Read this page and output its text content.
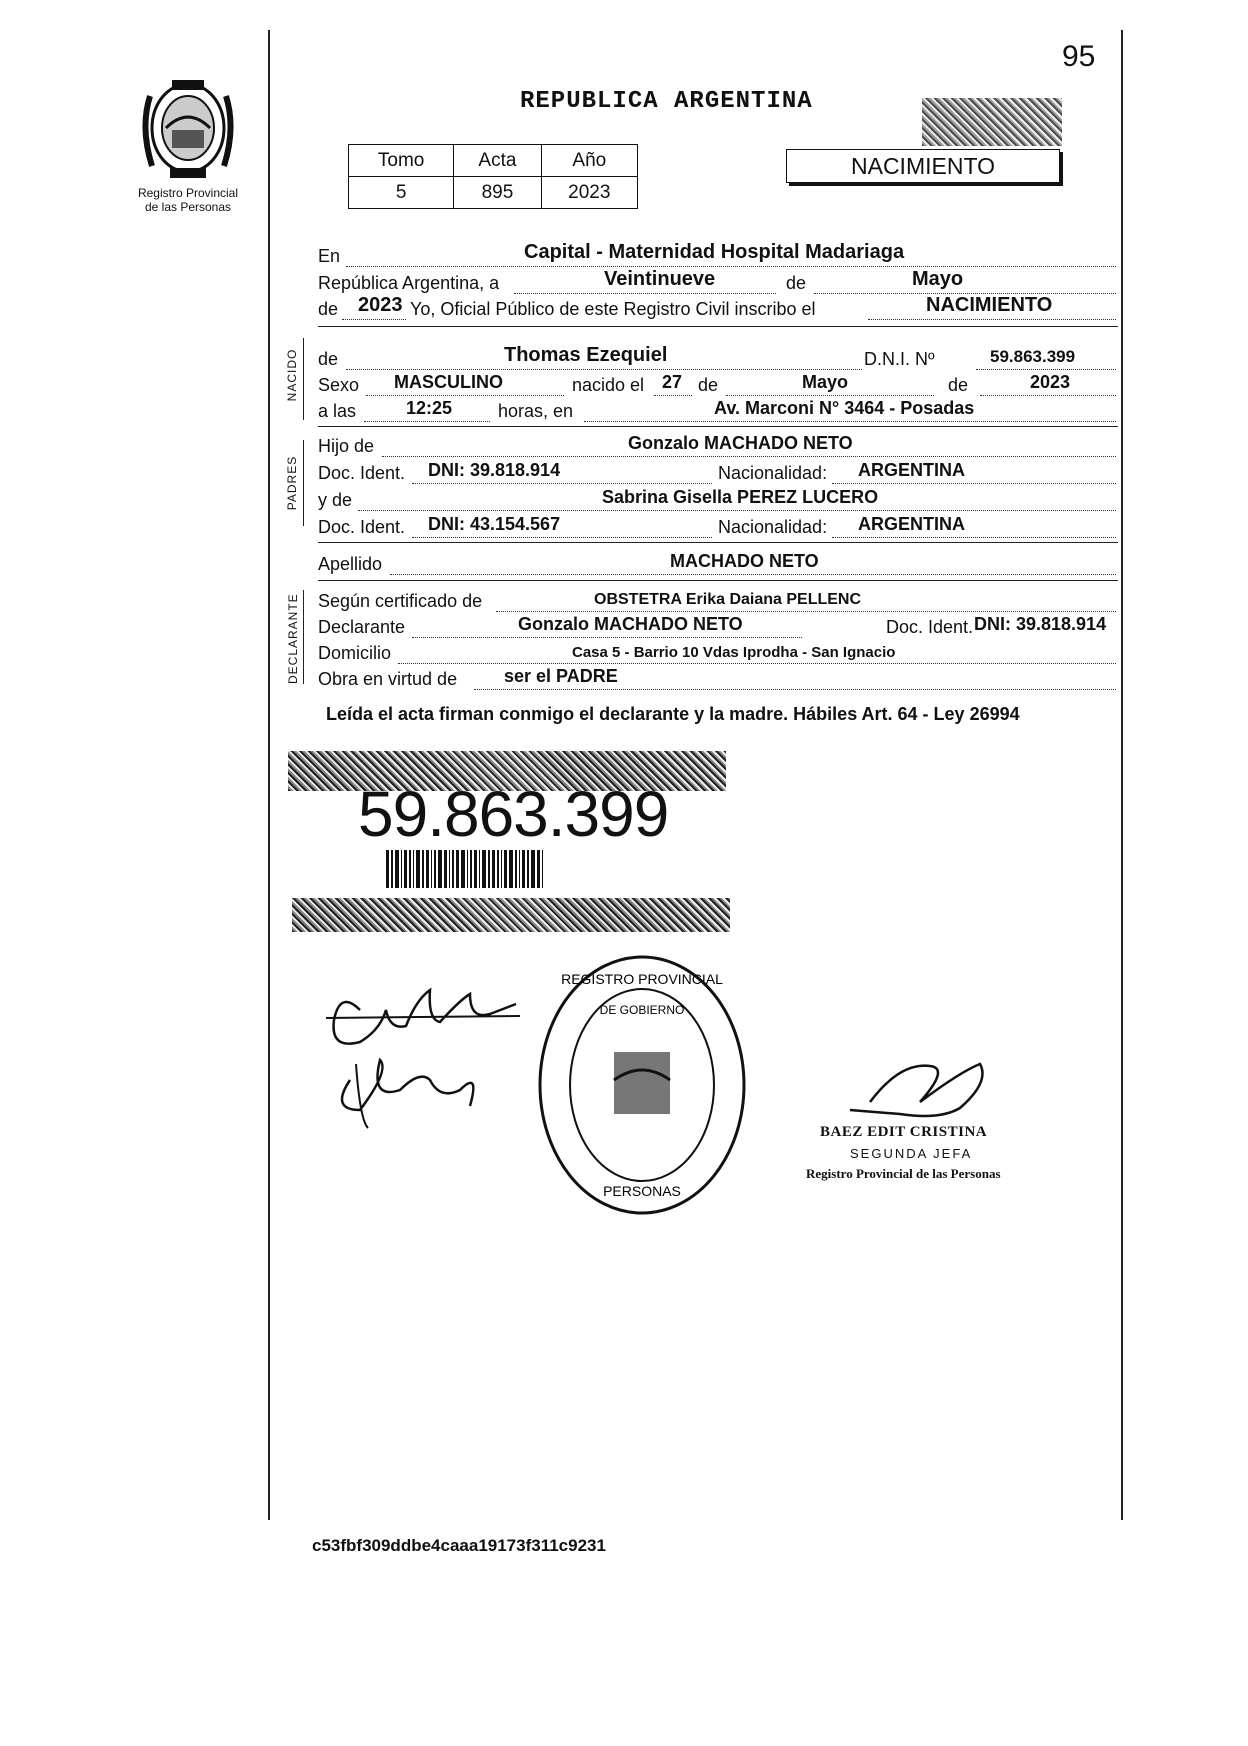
95
Registro Provincial
de las Personas
REPUBLICA ARGENTINA
Tomo	Acta	Año
5	895	2023
NACIMIENTO
En	Capital - Maternidad Hospital Madariaga
República Argentina, a	Veintinueve	de	Mayo
de 2023 Yo, Oficial Público de este Registro Civil inscribo el	NACIMIENTO
NACIDO de	Thomas Ezequiel	D.N.I. Nº	59.863.399
Sexo MASCULINO	nacido el 27 de	Mayo	de	2023
a las	12:25	horas, en	Av. Marconi N° 3464 - Posadas
PADRES
Hijo de	Gonzalo MACHADO NETO
Doc. Ident. DNI: 39.818.914	Nacionalidad: ARGENTINA
y de	Sabrina Gisella PEREZ LUCERO
Doc. Ident. DNI: 43.154.567	Nacionalidad: ARGENTINA
Apellido	MACHADO NETO
DECLARANTE Según certificado de	OBSTETRA Erika Daiana PELLENC
Declarante	Gonzalo MACHADO NETO	Doc. Ident. DNI: 39.818.914
Domicilio	Casa 5 - Barrio 10 Vdas Iprodha - San Ignacio
Obra en virtud de	ser el PADRE
Leída el acta firman conmigo el declarante y la madre. Hábiles Art. 64 - Ley 26994
59.863.399
REGISTRO PROVINCIAL
PERSONAS
DE GOBIERNO
BAEZ EDIT CRISTINA
SEGUNDA JEFA
Registro Provincial de las Personas
c53fbf309ddbe4caaa19173f311c9231
